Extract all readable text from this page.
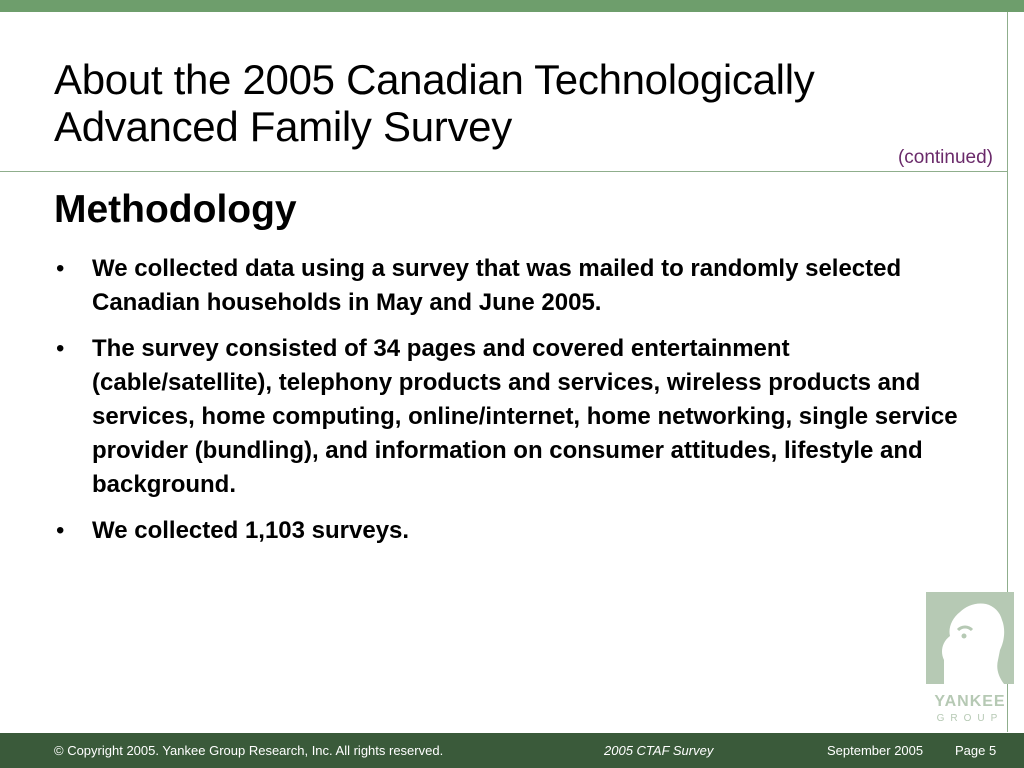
About the 2005 Canadian Technologically
Advanced Family Survey
(continued)
Methodology
• We collected data using a survey that was mailed to randomly selected Canadian households in May and June 2005.
• The survey consisted of 34 pages and covered entertainment (cable/satellite), telephony products and services, wireless products and services, home computing, online/internet, home networking, single service provider (bundling), and information on consumer attitudes, lifestyle and background.
• We collected 1,103 surveys.
YANKEE
GROUP
© Copyright 2005. Yankee Group Research, Inc. All rights reserved.	2005 CTAF Survey	September 2005 Page 5
